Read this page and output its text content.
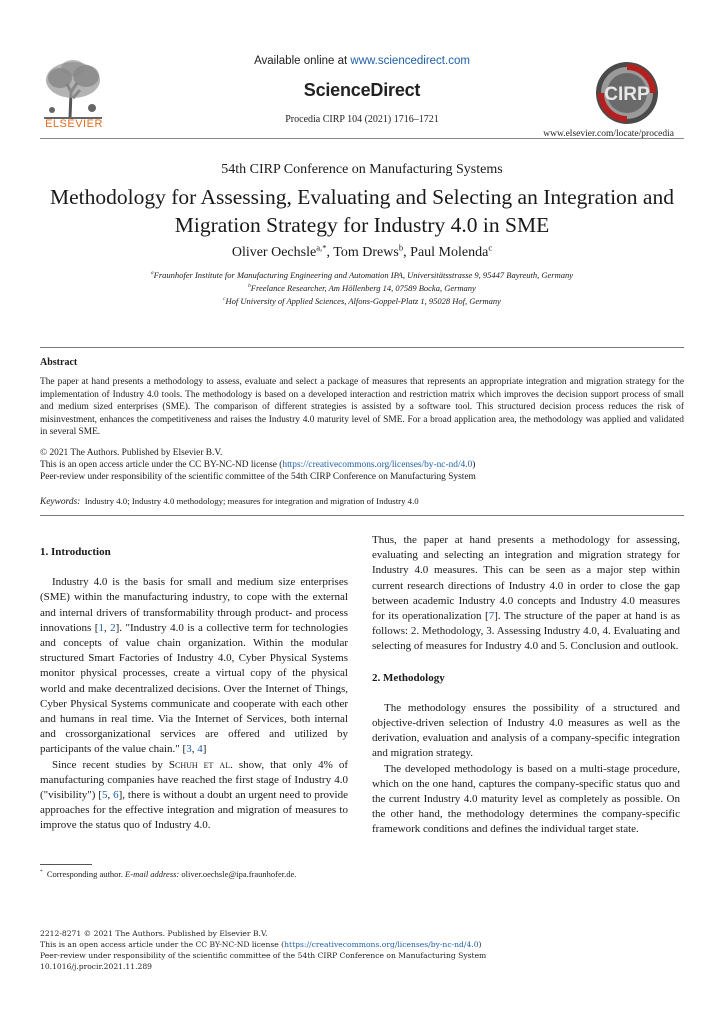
ELSEVIER
Available online at www.sciencedirect.com
ScienceDirect
Procedia CIRP 104 (2021) 1716–1721
CIRP
www.elsevier.com/locate/procedia
54th CIRP Conference on Manufacturing Systems
Methodology for Assessing, Evaluating and Selecting an Integration and Migration Strategy for Industry 4.0 in SME
Oliver Oechsle$^{a,*}$, Tom Drews$^b$, Paul Molenda$^c$
$^a$Fraunhofer Institute for Manufacturing Engineering and Automation IPA, Universitätsstrasse 9, 95447 Bayreuth, Germany
$^b$Freelance Researcher, Am Höllenberg 14, 07589 Bocka, Germany
$^c$Hof University of Applied Sciences, Alfons-Goppel-Platz 1, 95028 Hof, Germany
Abstract
The paper at hand presents a methodology to assess, evaluate and select a package of measures that represents an appropriate integration and migration strategy for the implementation of Industry 4.0 tools. The methodology is based on a developed interaction and restriction matrix which improves the decision support process of small and medium sized enterprises (SME). The comparison of different strategies is assisted by a software tool. This structured decision process reduces the risk of misinvestment, enhances the competitiveness and raises the Industry 4.0 maturity level of SME. For a broad application area, the methodology was applied and validated in several SME.
© 2021 The Authors. Published by Elsevier B.V.
This is an open access article under the CC BY-NC-ND license (https://creativecommons.org/licenses/by-nc-nd/4.0)
Peer-review under responsibility of the scientific committee of the 54th CIRP Conference on Manufacturing System
Keywords: Industry 4.0; Industry 4.0 methodology; measures for integration and migration of Industry 4.0
1. Introduction

Industry 4.0 is the basis for small and medium size enterprises (SME) within the manufacturing industry, to cope with the external and internal drivers of transformability through product- and process innovations [1, 2]. "Industry 4.0 is a collective term for technologies and concepts of value chain organization. Within the modular structured Smart Factories of Industry 4.0, Cyber Physical Systems monitor physical processes, create a virtual copy of the physical world and make decentralized decisions. Over the Internet of Things, Cyber Physical Systems communicate and cooperate with each other and humans in real time. Via the Internet of Services, both internal and crossorganizational services are offered and utilized by participants of the value chain." [3, 4]

Since recent studies by Schuh et al. show, that only 4% of manufacturing companies have reached the first stage of Industry 4.0 ("visibility") [5, 6], there is without a doubt an urgent need to provide approaches for the effective integration and migration of measures to improve the status quo of Industry 4.0.

Thus, the paper at hand presents a methodology for assessing, evaluating and selecting an integration and migration strategy for Industry 4.0 measures. This can be seen as a major step within current research directions of Industry 4.0 in order to close the gap between academic Industry 4.0 concepts and Industry 4.0 measures for its operationalization [7]. The structure of the paper at hand is as follows: 2. Methodology, 3. Assessing Industry 4.0, 4. Evaluating and selecting of measures for Industry 4.0 and 5. Conclusion and outlook.

2. Methodology

The methodology ensures the possibility of a structured and objective-driven selection of Industry 4.0 measures as well as the derivation, evaluation and analysis of a company-specific integration and migration strategy.

The developed methodology is based on a multi-stage procedure, which on the one hand, captures the company-specific status quo and the current Industry 4.0 maturity level as completely as possible. On the other hand, the methodology determines the company-specific framework conditions and defines the individual target state.

* Corresponding author. E-mail address: oliver.oechsle@ipa.fraunhofer.de.
2212-8271 © 2021 The Authors. Published by Elsevier B.V.
This is an open access article under the CC BY-NC-ND license (https://creativecommons.org/licenses/by-nc-nd/4.0)
Peer-review under responsibility of the scientific committee of the 54th CIRP Conference on Manufacturing System
10.1016/j.procir.2021.11.289
